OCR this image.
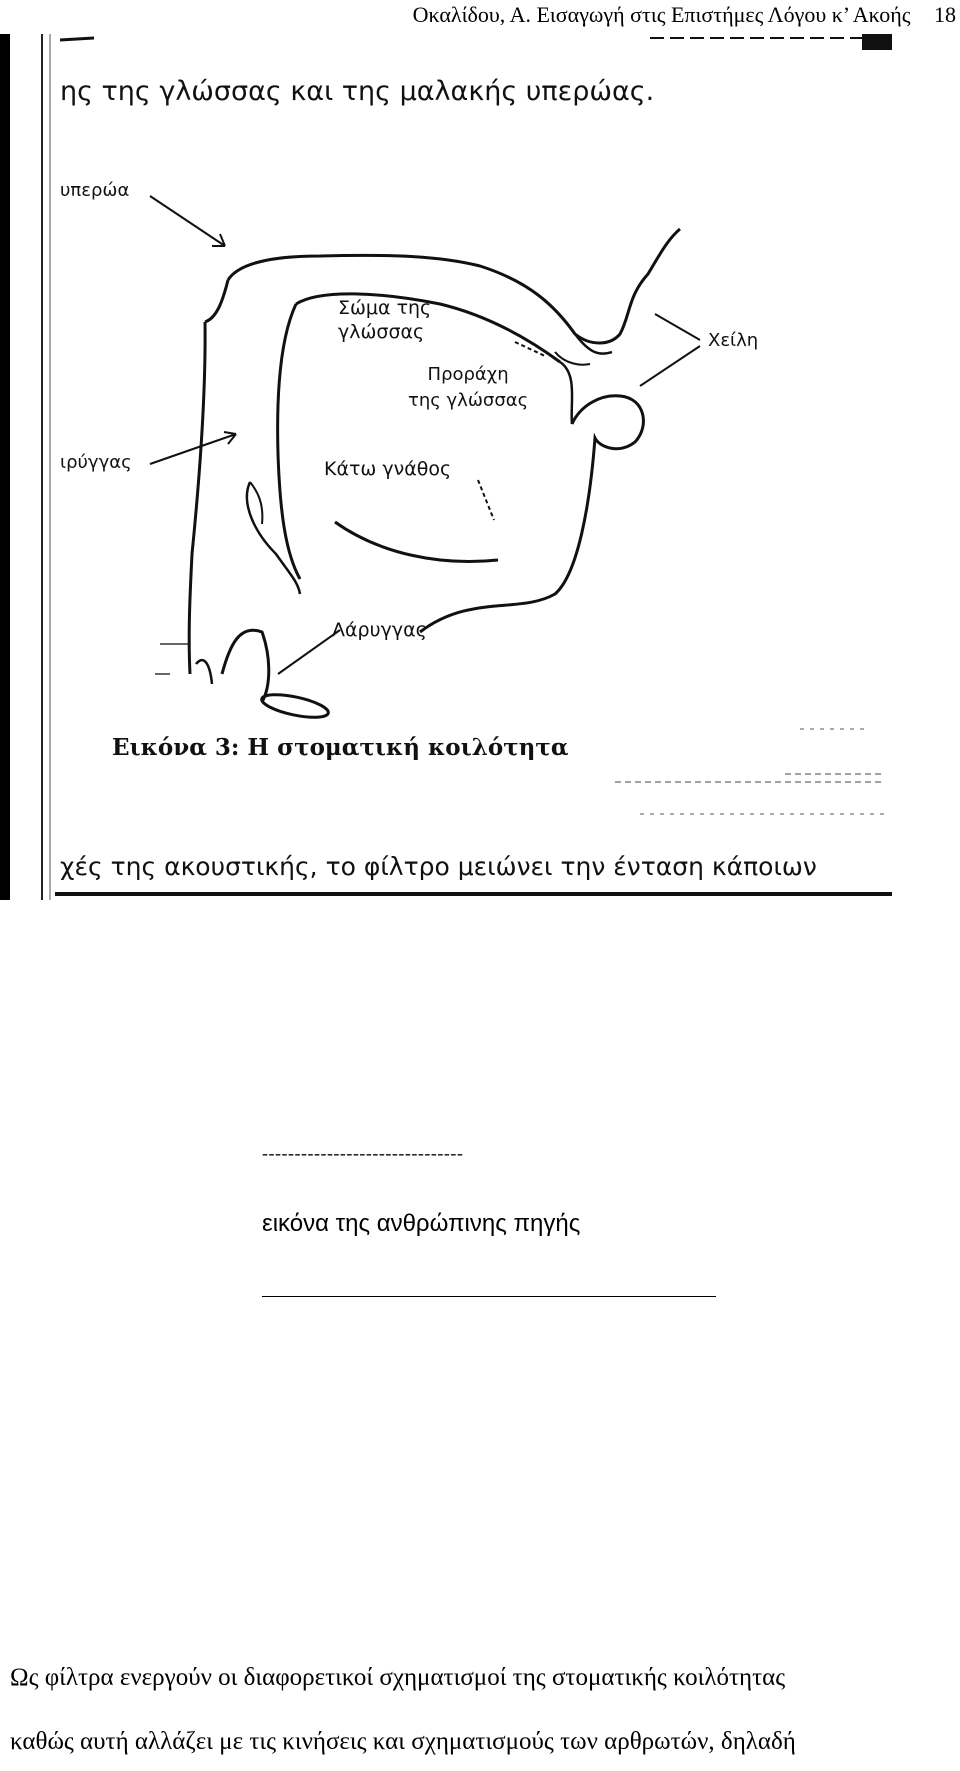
Οκαλίδου, Α. Εισαγωγή στις Επιστήμες Λόγου κ’ Ακοής 18
ης της γλώσσας και της μαλακής υπερώας.
υπερώα
Σώμα της
γλώσσας
Προράχη
της γλώσσας
Χείλη
ιρύγγας	Κάτω γνάθος
Λάρυγγας
Εικόνα 3: Η στοματική κοιλότητα
χές της ακουστικής, το φίλτρο μειώνει την ένταση κάποιων
-------------------------------
εικόνα της ανθρώπινης πηγής
Ως φίλτρα ενεργούν οι διαφορετικοί σχηματισμοί της στοματικής κοιλότητας
καθώς αυτή αλλάζει με τις κινήσεις και σχηματισμούς των αρθρωτών, δηλαδή
